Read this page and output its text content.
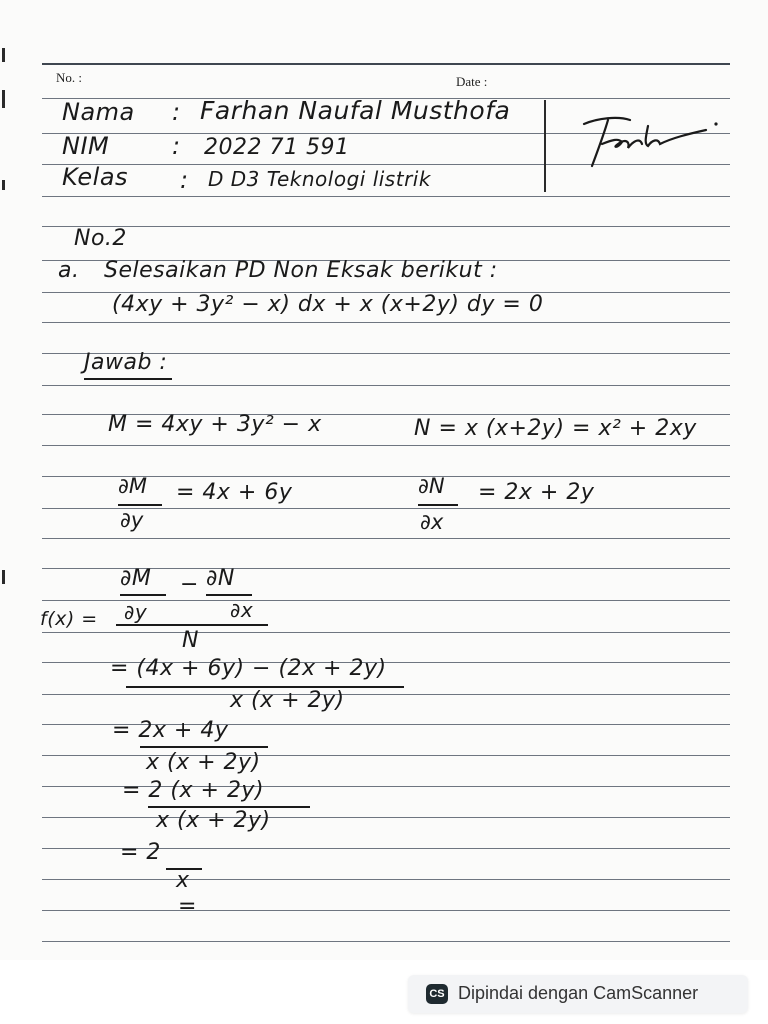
No. :	Date :
Nama : Farhan Naufal Musthofa
NIM	: 2022 71 591
Kelas : D D3 Teknologi listrik
No.2
a. Selesaikan PD Non Eksak berikut :
(4xy + 3y² − x) dx + x (x+2y) dy = 0
Jawab :
M = 4xy + 3y² − x	N = x (x+2y) = x² + 2xy
∂M
∂y
= 4x + 6y	∂N
∂x
= 2x + 2y
f(x) =
∂M − ∂N
∂y	∂x
N
= (4x + 6y) − (2x + 2y)
x (x + 2y)
= 2x + 4y
x (x + 2y)
= 2 (x + 2y)
x (x + 2y)
= 2
x
=
CS Dipindai dengan CamScanner
